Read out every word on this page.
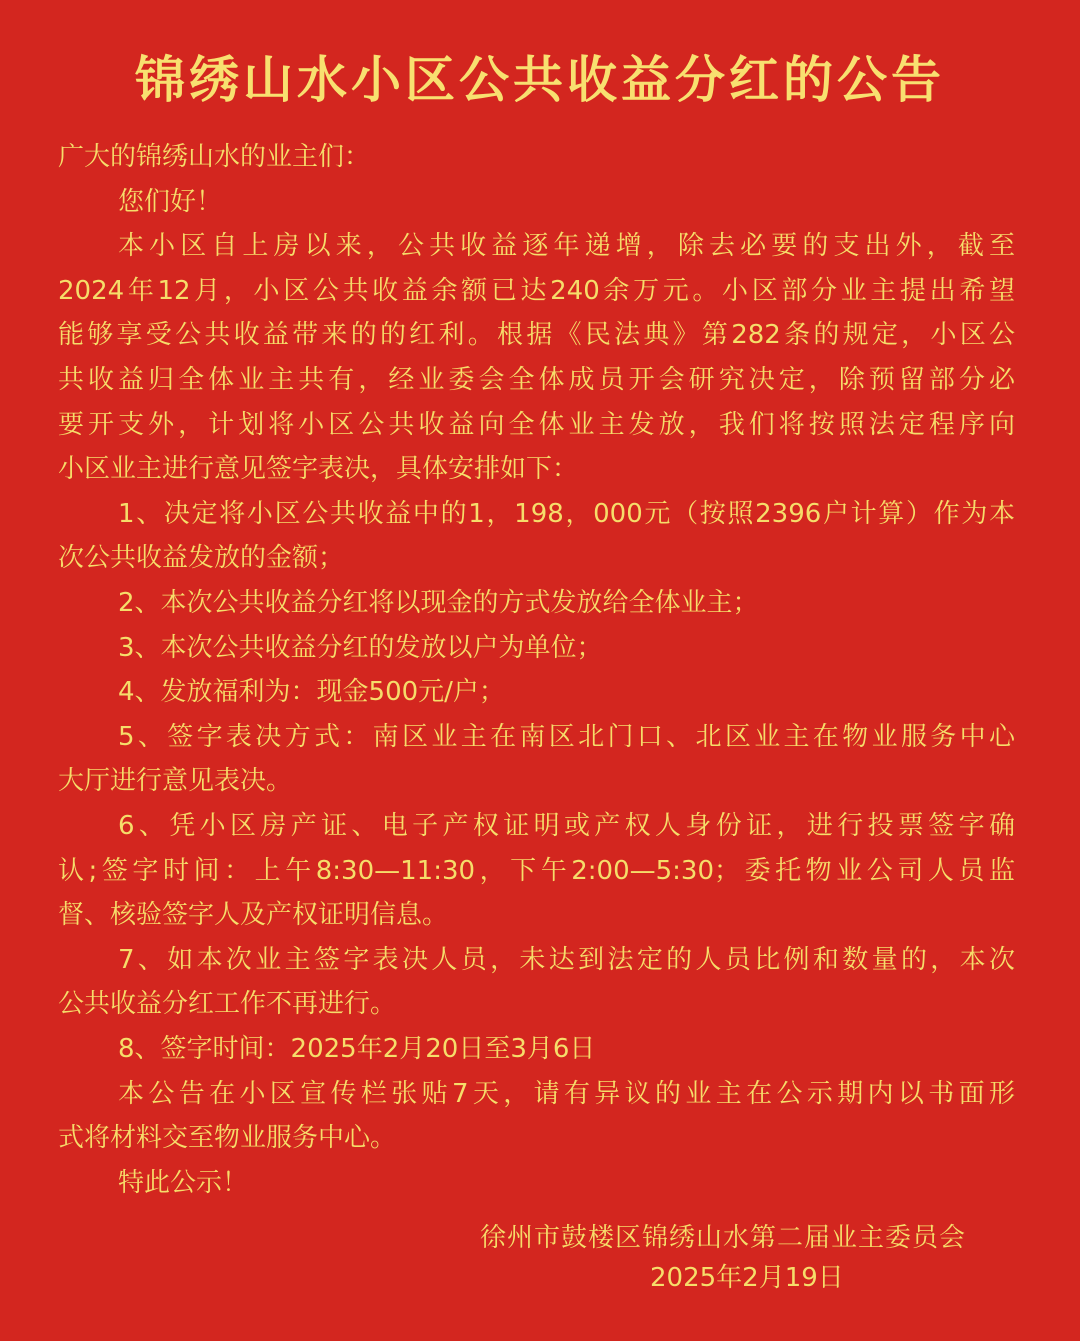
锦绣山水小区公共收益分红的公告
广大的锦绣山水的业主们：
您们好！
本小区自上房以来，公共收益逐年递增，除去必要的支出外，截至
2024年12月，小区公共收益余额已达240余万元。小区部分业主提出希望
能够享受公共收益带来的的红利。根据《民法典》第282条的规定，小区公
共收益归全体业主共有，经业委会全体成员开会研究决定，除预留部分必
要开支外，计划将小区公共收益向全体业主发放，我们将按照法定程序向
小区业主进行意见签字表决，具体安排如下：
1、决定将小区公共收益中的1，198，000元（按照2396户计算）作为本
次公共收益发放的金额；
2、本次公共收益分红将以现金的方式发放给全体业主；
3、本次公共收益分红的发放以户为单位；
4、发放福利为：现金500元/户；
5、签字表决方式：南区业主在南区北门口、北区业主在物业服务中心
大厅进行意见表决。
6、凭小区房产证、电子产权证明或产权人身份证，进行投票签字确
认;签字时间：上午8:30—11:30，下午2:00—5:30；委托物业公司人员监
督、核验签字人及产权证明信息。
7、如本次业主签字表决人员，未达到法定的人员比例和数量的，本次
公共收益分红工作不再进行。
8、签字时间：2025年2月20日至3月6日
本公告在小区宣传栏张贴7天，请有异议的业主在公示期内以书面形
式将材料交至物业服务中心。
特此公示！
徐州市鼓楼区锦绣山水第二届业主委员会
2025年2月19日
